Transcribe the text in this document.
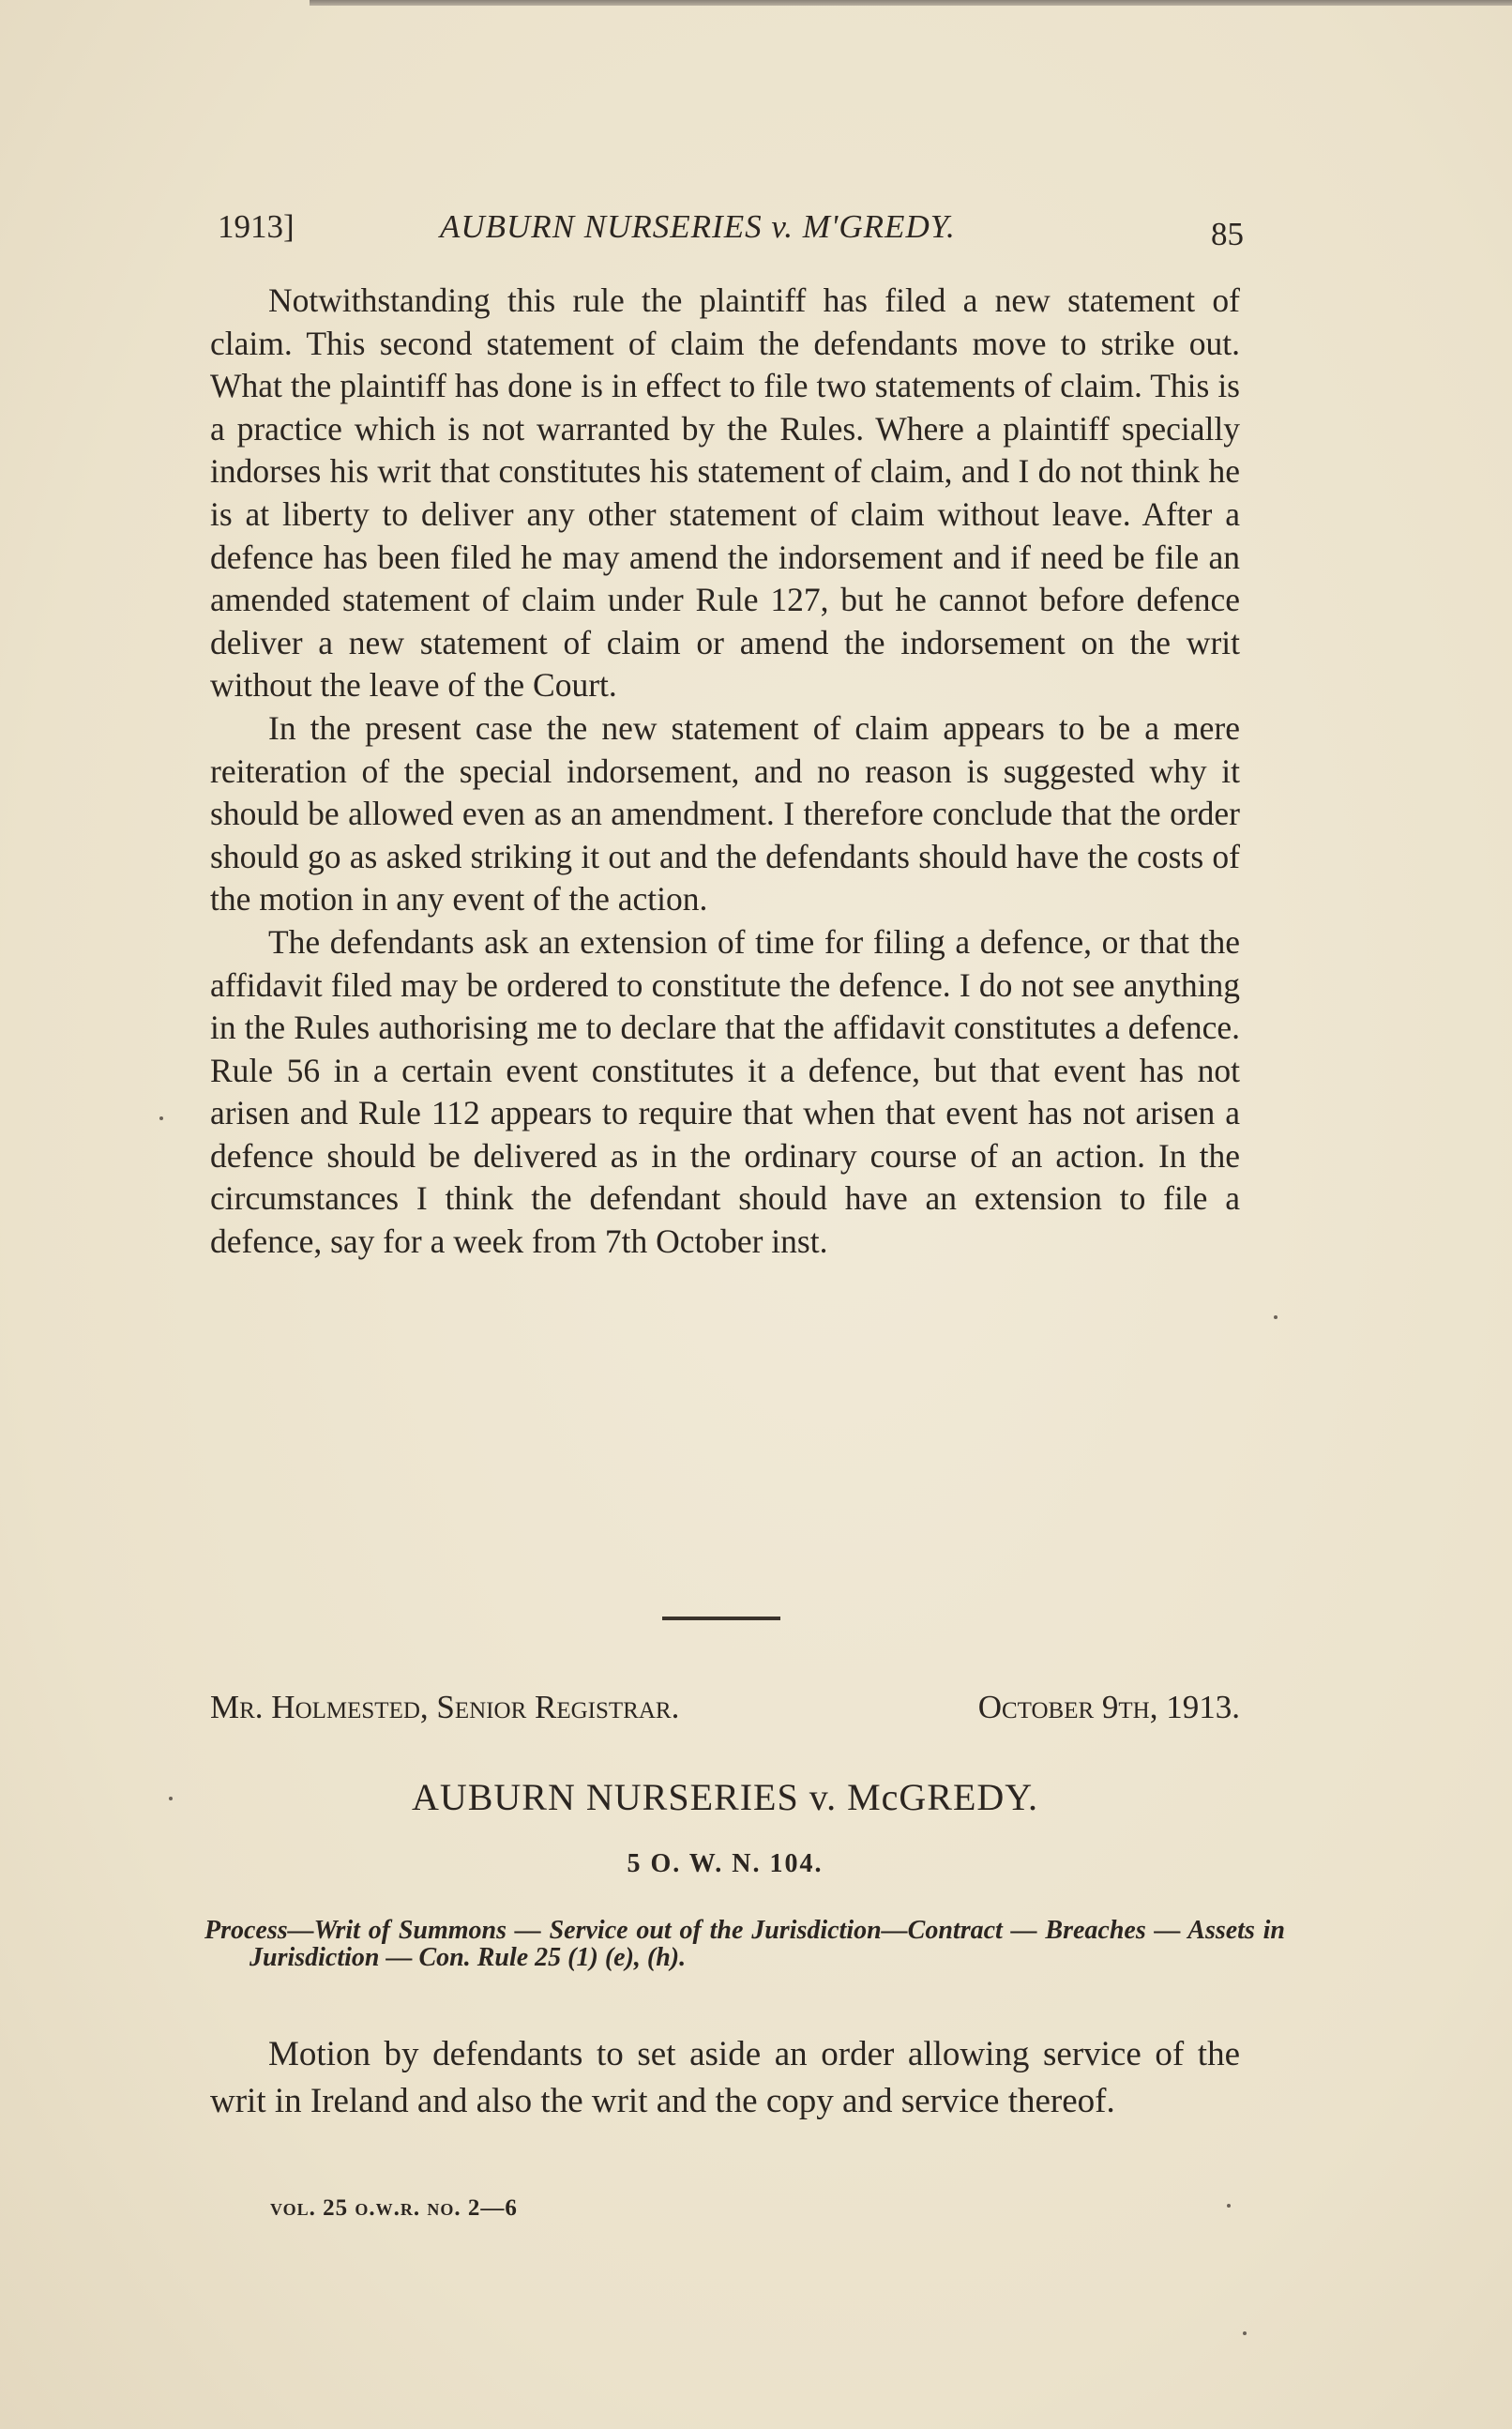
1913]	AUBURN NURSERIES v. M'GREDY.	85

Notwithstanding this rule the plaintiff has filed a new statement of claim. This second statement of claim the defendants move to strike out. What the plaintiff has done is in effect to file two statements of claim. This is a practice which is not warranted by the Rules. Where a plaintiff specially indorses his writ that constitutes his statement of claim, and I do not think he is at liberty to deliver any other statement of claim without leave. After a defence has been filed he may amend the indorsement and if need be file an amended statement of claim under Rule 127, but he cannot before defence deliver a new statement of claim or amend the indorsement on the writ without the leave of the Court.

In the present case the new statement of claim appears to be a mere reiteration of the special indorsement, and no reason is suggested why it should be allowed even as an amendment. I therefore conclude that the order should go as asked striking it out and the defendants should have the costs of the motion in any event of the action.

The defendants ask an extension of time for filing a defence, or that the affidavit filed may be ordered to constitute the defence. I do not see anything in the Rules authorising me to declare that the affidavit constitutes a defence. Rule 56 in a certain event constitutes it a defence, but that event has not arisen and Rule 112 appears to require that when that event has not arisen a defence should be delivered as in the ordinary course of an action. In the circumstances I think the defendant should have an extension to file a defence, say for a week from 7th October inst.

Mr. Holmested, Senior Registrar.	October 9th, 1913.
AUBURN NURSERIES v. McGREDY.
5 O. W. N. 104.
Process—Writ of Summons — Service out of the Jurisdiction—Contract — Breaches — Assets in Jurisdiction — Con. Rule 25 (1) (e), (h).

Motion by defendants to set aside an order allowing service of the writ in Ireland and also the writ and the copy and service thereof.

vol. 25 o.w.r. no. 2—6
